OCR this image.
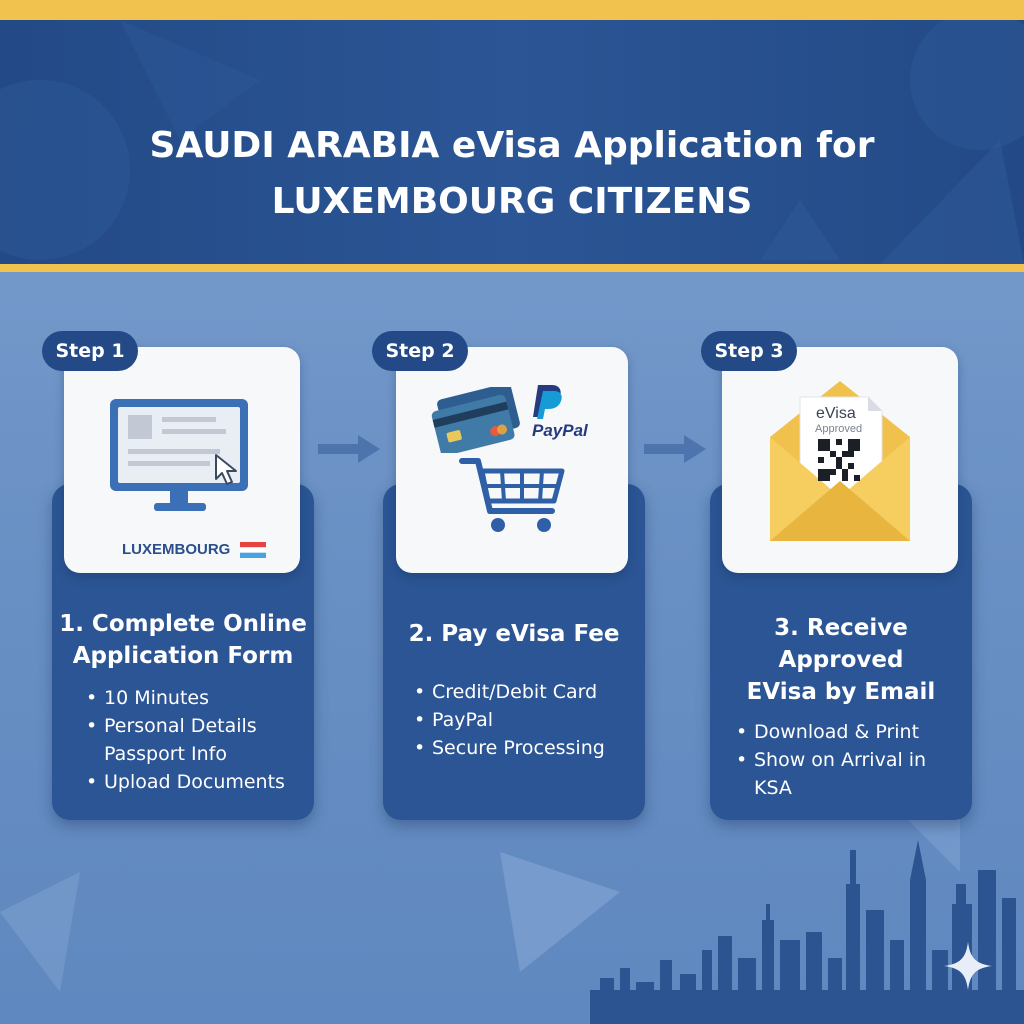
SAUDI ARABIA eVisa Application for
LUXEMBOURG CITIZENS
LUXEMBOURG
Step 1
1. Complete Online
Application Form
• 10 Minutes
• Personal Details
Passport Info
• Upload Documents
PayPal
Step 2
2. Pay eVisa Fee
• Credit/Debit Card
• PayPal
• Secure Processing
eVisa
Approved
Step 3
3. Receive Approved
EVisa by Email
• Download & Print
• Show on Arrival in KSA
